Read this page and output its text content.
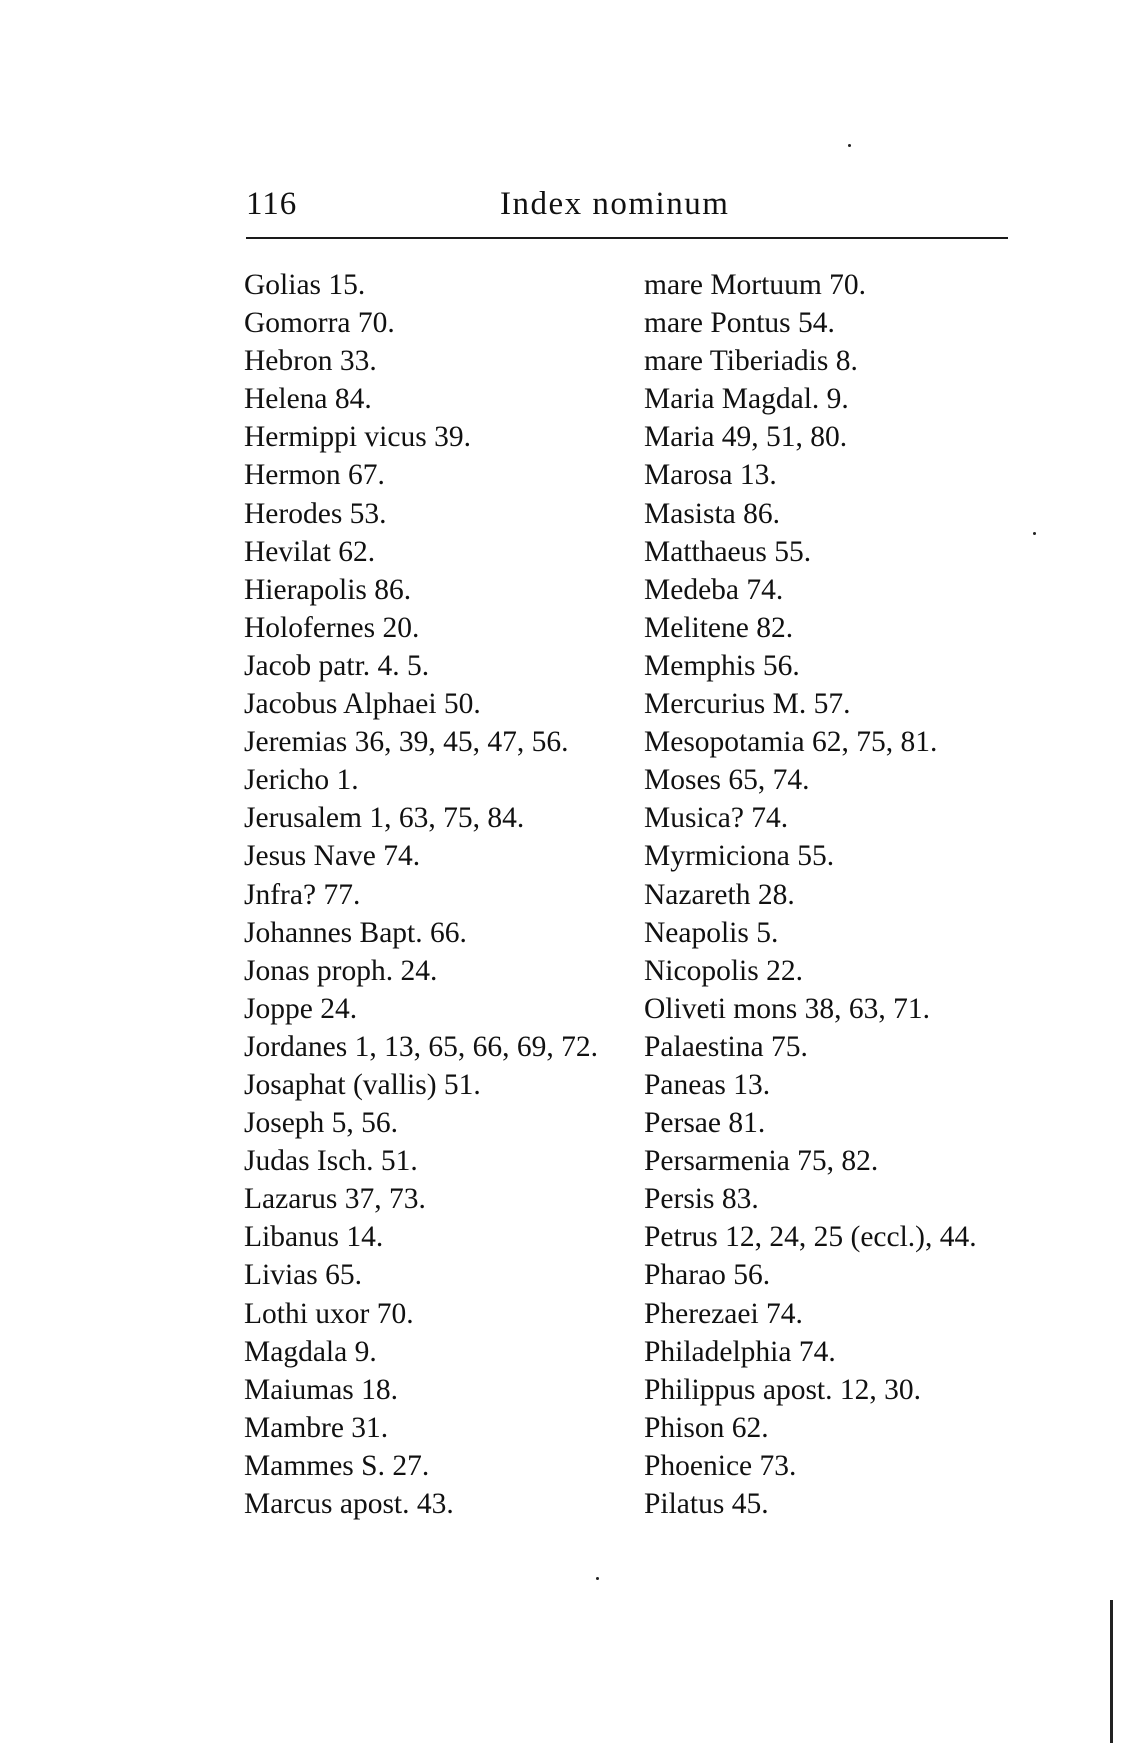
116	Index nominum
Golias 15.
Gomorra 70.
Hebron 33.
Helena 84.
Hermippi vicus 39.
Hermon 67.
Herodes 53.
Hevilat 62.
Hierapolis 86.
Holofernes 20.
Jacob patr. 4. 5.
Jacobus Alphaei 50.
Jeremias 36, 39, 45, 47, 56.
Jericho 1.
Jerusalem 1, 63, 75, 84.
Jesus Nave 74.
Jnfra? 77.
Johannes Bapt. 66.
Jonas proph. 24.
Joppe 24.
Jordanes 1, 13, 65, 66, 69, 72.
Josaphat (vallis) 51.
Joseph 5, 56.
Judas Isch. 51.
Lazarus 37, 73.
Libanus 14.
Livias 65.
Lothi uxor 70.
Magdala 9.
Maiumas 18.
Mambre 31.
Mammes S. 27.
Marcus apost. 43.
mare Mortuum 70.
mare Pontus 54.
mare Tiberiadis 8.
Maria Magdal. 9.
Maria 49, 51, 80.
Marosa 13.
Masista 86.
Matthaeus 55.
Medeba 74.
Melitene 82.
Memphis 56.
Mercurius M. 57.
Mesopotamia 62, 75, 81.
Moses 65, 74.
Musica? 74.
Myrmiciona 55.
Nazareth 28.
Neapolis 5.
Nicopolis 22.
Oliveti mons 38, 63, 71.
Palaestina 75.
Paneas 13.
Persae 81.
Persarmenia 75, 82.
Persis 83.
Petrus 12, 24, 25 (eccl.), 44.
Pharao 56.
Pherezaei 74.
Philadelphia 74.
Philippus apost. 12, 30.
Phison 62.
Phoenice 73.
Pilatus 45.
